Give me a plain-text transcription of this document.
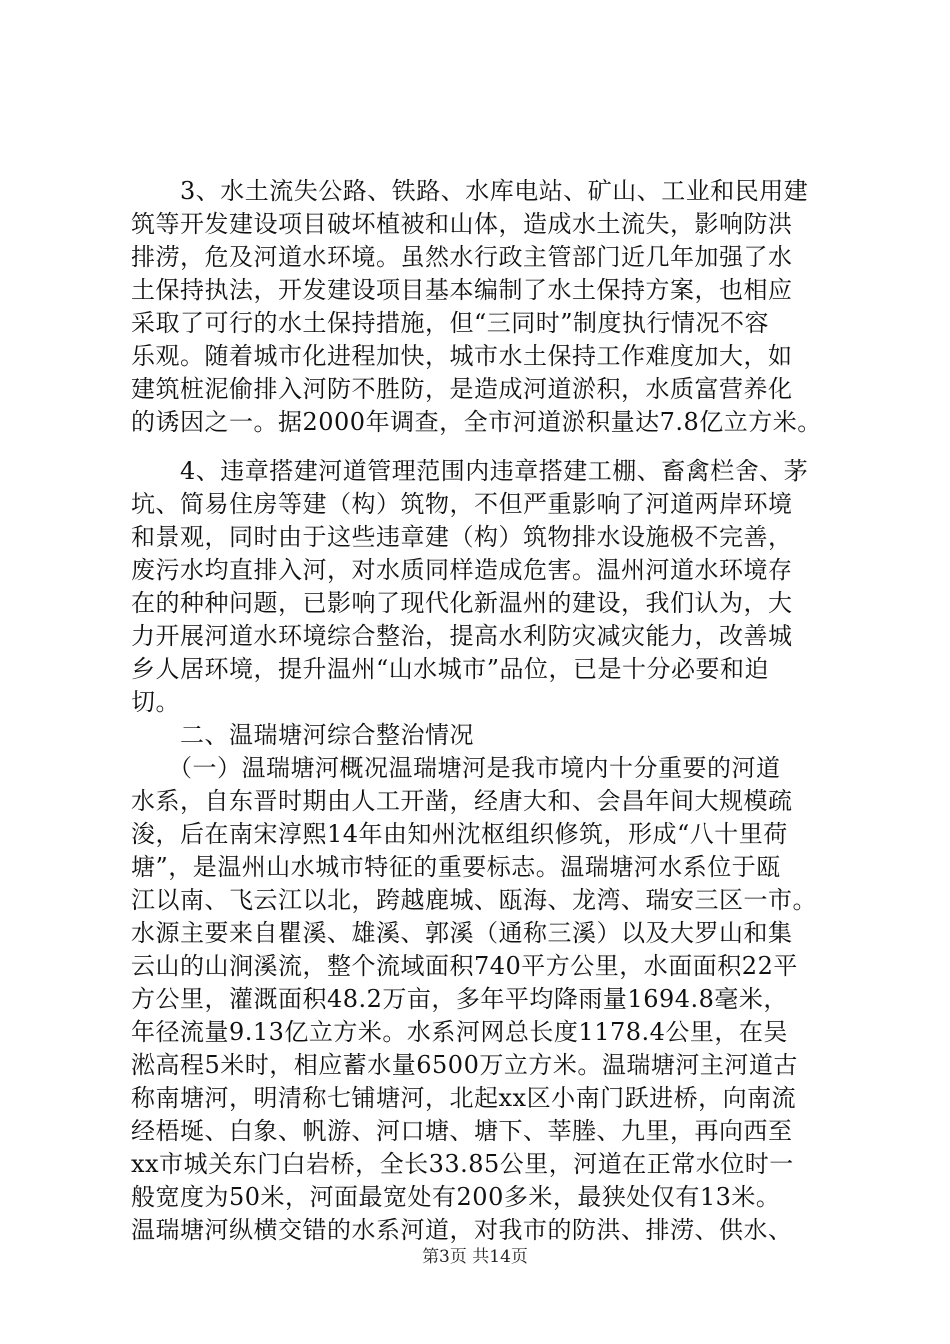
　　3、水土流失公路、铁路、水库电站、矿山、工业和民用建
筑等开发建设项目破坏植被和山体，造成水土流失，影响防洪
排涝，危及河道水环境。虽然水行政主管部门近几年加强了水
土保持执法，开发建设项目基本编制了水土保持方案，也相应
采取了可行的水土保持措施，但“三同时”制度执行情况不容
乐观。随着城市化进程加快，城市水土保持工作难度加大，如
建筑桩泥偷排入河防不胜防，是造成河道淤积，水质富营养化
的诱因之一。据2000年调查，全市河道淤积量达7.8亿立方米。
　　4、违章搭建河道管理范围内违章搭建工棚、畜禽栏舍、茅
坑、简易住房等建（构）筑物，不但严重影响了河道两岸环境
和景观，同时由于这些违章建（构）筑物排水设施极不完善，
废污水均直排入河，对水质同样造成危害。温州河道水环境存
在的种种问题，已影响了现代化新温州的建设，我们认为，大
力开展河道水环境综合整治，提高水利防灾减灾能力，改善城
乡人居环境，提升温州“山水城市”品位，已是十分必要和迫
切。
　　二、温瑞塘河综合整治情况
　　（一）温瑞塘河概况温瑞塘河是我市境内十分重要的河道
水系，自东晋时期由人工开凿，经唐大和、会昌年间大规模疏
浚，后在南宋淳熙14年由知州沈枢组织修筑，形成“八十里荷
塘”，是温州山水城市特征的重要标志。温瑞塘河水系位于瓯
江以南、飞云江以北，跨越鹿城、瓯海、龙湾、瑞安三区一市。
水源主要来自瞿溪、雄溪、郭溪（通称三溪）以及大罗山和集
云山的山涧溪流，整个流域面积740平方公里，水面面积22平
方公里，灌溉面积48.2万亩，多年平均降雨量1694.8毫米，
年径流量9.13亿立方米。水系河网总长度1178.4公里，在吴
淞高程5米时，相应蓄水量6500万立方米。温瑞塘河主河道古
称南塘河，明清称七铺塘河，北起xx区小南门跃进桥，向南流
经梧埏、白象、帆游、河口塘、塘下、莘塍、九里，再向西至
xx市城关东门白岩桥，全长33.85公里，河道在正常水位时一
般宽度为50米，河面最宽处有200多米，最狭处仅有13米。
温瑞塘河纵横交错的水系河道，对我市的防洪、排涝、供水、
第3页 共14页
